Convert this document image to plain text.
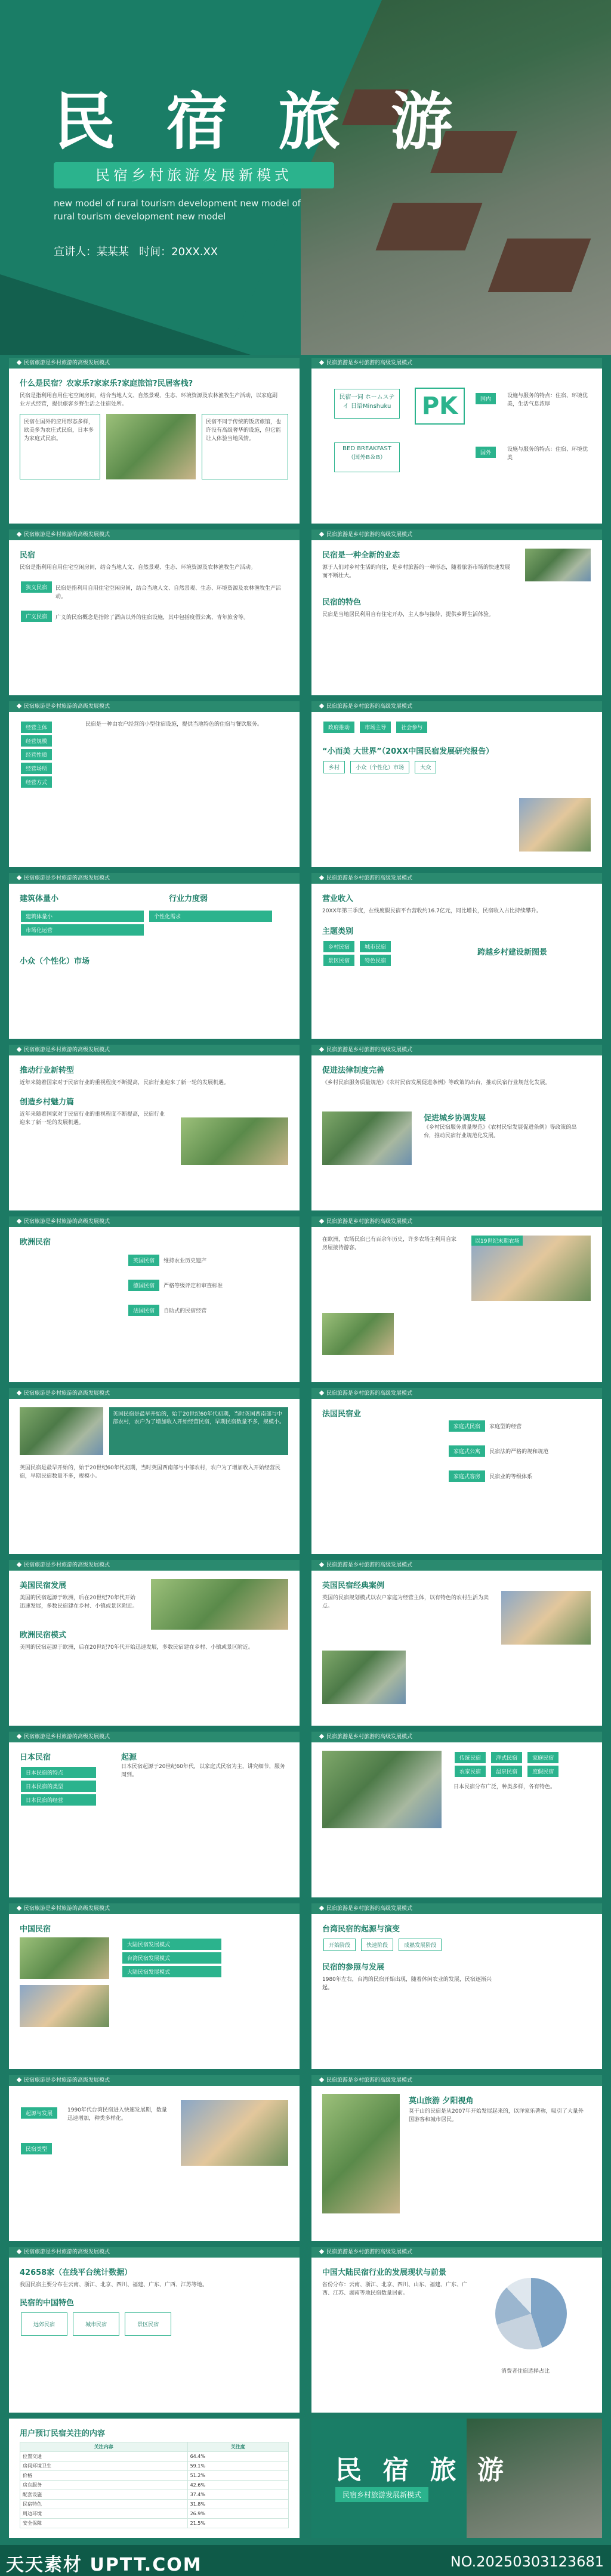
民 宿 旅 游
民宿乡村旅游发展新模式
new model of rural tourism development new model of rural tourism development new model
宣讲人：某某某 时间：20XX.XX
民宿旅游是乡村旅游的高级发展模式
什么是民宿？农家乐?家家乐?家庭旅馆?民居客栈?
民宿是指利用自用住宅空闲房间，结合当地人文、自然景观、生态、环境资源及农林渔牧生产活动，以家庭副业方式经营，提供旅客乡野生活之住宿处所。
民宿在国外的应用形态多样，欧美多为农庄式民宿，日本多为家庭式民宿。
民宿不同于传统的饭店旅馆，也许没有高级奢华的设施，但它能让人体验当地风情。
民宿旅游是乡村旅游的高级发展模式
民宿一词 ホームステイ 日语Minshuku	PK
BED BREAKFAST（国外B＆B）
国内
设施与服务的特点：住宿、环境优美，生活气息浓厚
国外
设施与服务的特点：住宿、环境优美
民宿旅游是乡村旅游的高级发展模式
民宿
民宿是指利用自用住宅空闲房间，结合当地人文、自然景观、生态、环境资源及农林渔牧生产活动。
狭义民宿	民宿是指利用自用住宅空闲房间，结合当地人文、自然景观、生态、环境资源及农林渔牧生产活动。
广义民宿	广义的民宿概念是指除了酒店以外的住宿设施，其中包括度假公寓、青年旅舍等。
民宿旅游是乡村旅游的高级发展模式
民宿是一种全新的业态
源于人们对乡村生活的向往，是乡村旅游的一种形态，随着旅游市场的快速发展而不断壮大。
民宿的特色
民宿是当地居民利用自有住宅开办，主人参与接待，提供乡野生活体验。
民宿旅游是乡村旅游的高级发展模式
经营主体 经营规模 经营性质 经营场所 经营方式
民宿是一种由农户经营的小型住宿设施，提供当地特色的住宿与餐饮服务。
民宿旅游是乡村旅游的高级发展模式
政府推动	市场主导	社会参与
“小而美 大世界”（20XX中国民宿发展研究报告）
乡村	小众（个性化）市场	大众
民宿旅游是乡村旅游的高级发展模式
建筑体量小	行业力度弱
建筑体量小	个性化需求 市场化运营
小众（个性化）市场
民宿旅游是乡村旅游的高级发展模式
营业收入
20XX年第三季度，在线度假民宿平台营收约16.7亿元，同比增长，民宿收入占比持续攀升。
主题类别
乡村民宿	城市民宿
景区民宿	特色民宿
跨越乡村建设新图景
民宿旅游是乡村旅游的高级发展模式
推动行业新转型
近年来随着国家对于民宿行业的重视程度不断提高，民宿行业迎来了新一轮的发展机遇。
创造乡村魅力篇
近年来随着国家对于民宿行业的重视程度不断提高，民宿行业迎来了新一轮的发展机遇。
民宿旅游是乡村旅游的高级发展模式
促进法律制度完善
《乡村民宿服务质量规范》《农村民宿发展促进条例》等政策的出台，推动民宿行业规范化发展。
促进城乡协调发展
《乡村民宿服务质量规范》《农村民宿发展促进条例》等政策的出台，推动民宿行业规范化发展。
民宿旅游是乡村旅游的高级发展模式
欧洲民宿
英国民宿 维持农业历史遗产

德国民宿 严格等级评定和审查标准

法国民宿 自助式的民宿经营
民宿旅游是乡村旅游的高级发展模式
在欧洲，农场民宿已有百余年历史，许多农场主利用自家房屋接待游客。
以19世纪末期农场
民宿旅游是乡村旅游的高级发展模式
英国民宿是最早开始的，始于20世纪60年代初期，当时英国西南部与中部农村，农户为了增加收入开始经营民宿，早期民宿数量不多，规模小。
英国民宿是最早开始的，始于20世纪60年代初期，当时英国西南部与中部农村，农户为了增加收入开始经营民宿，早期民宿数量不多，规模小。
民宿旅游是乡村旅游的高级发展模式
法国民宿业
家庭式民宿 家庭型的经营

家庭式公寓 民宿法的严格的规和规范

家庭式客房 民宿业的等级体系
民宿旅游是乡村旅游的高级发展模式
美国民宿发展
美国的民宿起源于欧洲，后在20世纪70年代开始迅速发展，多数民宿建在乡村、小镇或景区附近。
欧洲民宿模式
美国的民宿起源于欧洲，后在20世纪70年代开始迅速发展，多数民宿建在乡村、小镇或景区附近。
民宿旅游是乡村旅游的高级发展模式
英国民宿经典案例
英国的民宿规划模式以农户家庭为经营主体，以有特色的农村生活为卖点。
民宿旅游是乡村旅游的高级发展模式
日本民宿
日本民宿的特点
日本民宿的类型
日本民宿的经营
起源
日本民宿起源于20世纪60年代，以家庭式民宿为主，讲究细节，服务周到。
民宿旅游是乡村旅游的高级发展模式
传统民宿	洋式民宿	家庭民宿 农家民宿	温泉民宿	度假民宿
日本民宿分布广泛，种类多样，各有特色。
民宿旅游是乡村旅游的高级发展模式
中国民宿
大陆民宿发展模式
台湾民宿发展模式
大陆民宿发展模式
民宿旅游是乡村旅游的高级发展模式
台湾民宿的起源与演变
开始阶段	快速阶段	成熟发展阶段
民宿的参照与发展
1980年左右，台湾的民宿开始出现，随着休闲农业的发展，民宿逐渐兴起。
民宿旅游是乡村旅游的高级发展模式
起源与发展
民宿类型
1990年代台湾民宿进入快速发展期，数量迅速增加，种类多样化。
民宿旅游是乡村旅游的高级发展模式
莫山旅游 夕阳视角
莫干山的民宿是从2007年开始发展起来的，以洋家乐著称，吸引了大量外国游客和城市居民。
民宿旅游是乡村旅游的高级发展模式
42658家（在线平台统计数据）
我国民宿主要分布在云南、浙江、北京、四川、福建、广东、广西、江苏等地。
民宿的中国特色
远郊民宿	城市民宿	景区民宿
民宿旅游是乡村旅游的高级发展模式
中国大陆民宿行业的发展现状与前景
省份分布：云南、浙江、北京、四川、山东、福建、广东、广西、江苏、湖南等地民宿数量居前。
消费者住宿选择占比
用户预订民宿关注的内容
关注内容	关注度
位置交通	64.4%
房间环境卫生	59.1%
价格	51.2%
房东服务	42.6%
配套设施	37.4%
民宿特色	31.8%
周边环境	26.9%
安全保障	21.5%
民 宿 旅 游
民宿乡村旅游发展新模式
天天素材 UPTT.COM	NO.20250303123681
